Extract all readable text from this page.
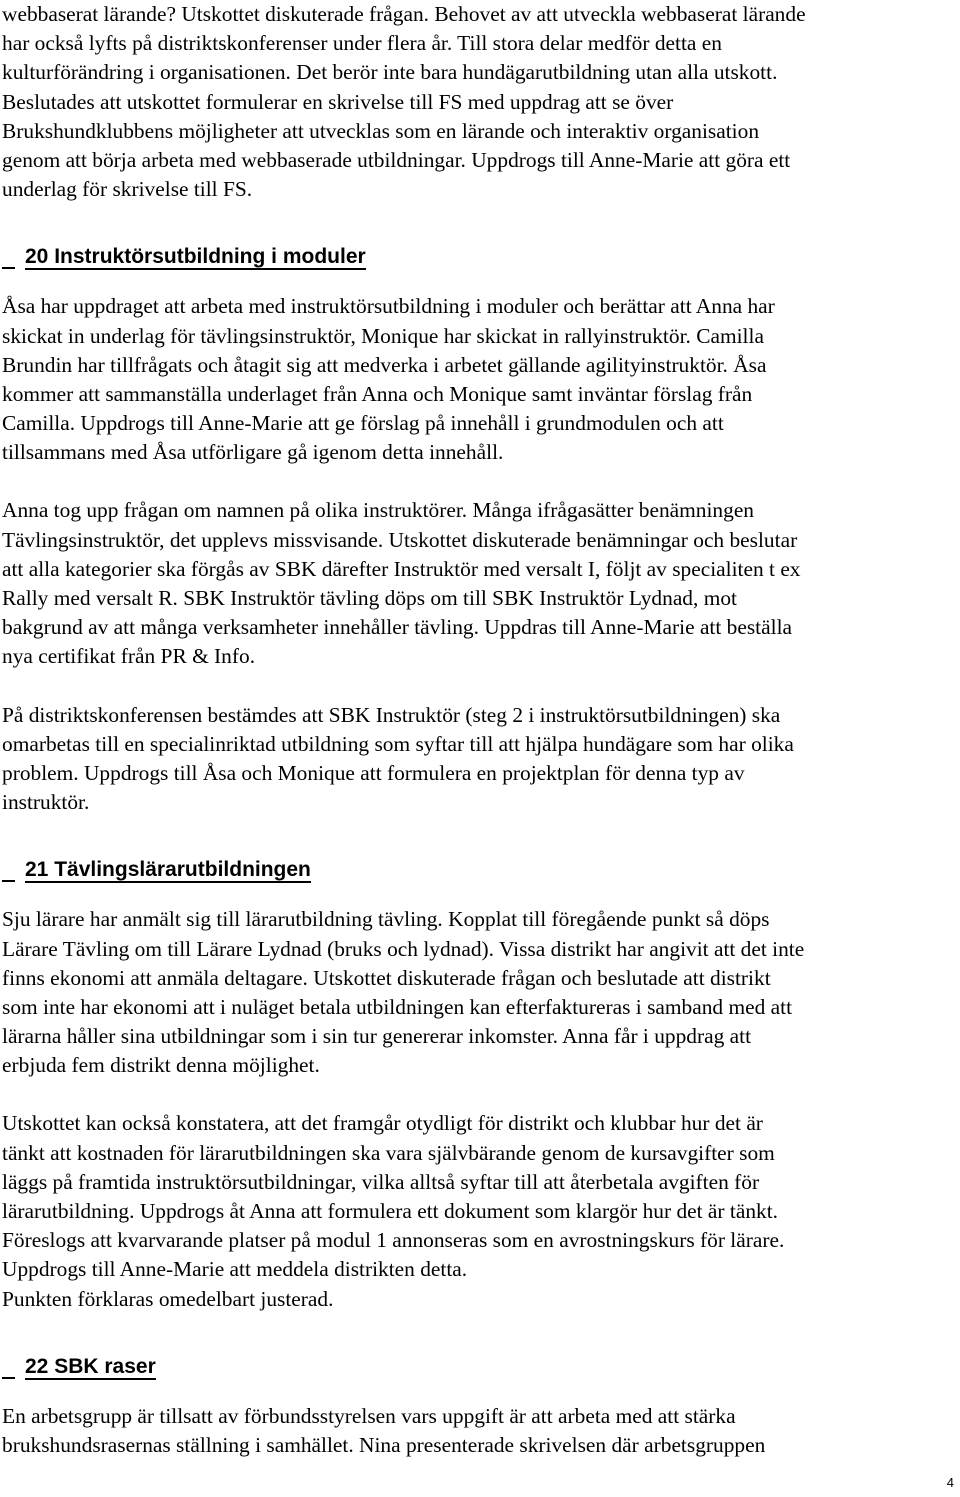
webbaserat lärande? Utskottet diskuterade frågan. Behovet av att utveckla webbaserat lärande
har också lyfts på distriktskonferenser under flera år. Till stora delar medför detta en
kulturförändring i organisationen. Det berör inte bara hundägarutbildning utan alla utskott.
Beslutades att utskottet formulerar en skrivelse till FS med uppdrag att se över
Brukshundklubbens möjligheter att utvecklas som en lärande och interaktiv organisation
genom att börja arbeta med webbaserade utbildningar. Uppdrogs till Anne-Marie att göra ett
underlag för skrivelse till FS.

20 Instruktörsutbildning i moduler

Åsa har uppdraget att arbeta med instruktörsutbildning i moduler och berättar att Anna har
skickat in underlag för tävlingsinstruktör, Monique har skickat in rallyinstruktör. Camilla
Brundin har tillfrågats och åtagit sig att medverka i arbetet gällande agilityinstruktör. Åsa
kommer att sammanställa underlaget från Anna och Monique samt inväntar förslag från
Camilla. Uppdrogs till Anne-Marie att ge förslag på innehåll i grundmodulen och att
tillsammans med Åsa utförligare gå igenom detta innehåll.

Anna tog upp frågan om namnen på olika instruktörer. Många ifrågasätter benämningen
Tävlingsinstruktör, det upplevs missvisande. Utskottet diskuterade benämningar och beslutar
att alla kategorier ska förgås av SBK därefter Instruktör med versalt I, följt av specialiten t ex
Rally med versalt R. SBK Instruktör tävling döps om till SBK Instruktör Lydnad, mot
bakgrund av att många verksamheter innehåller tävling. Uppdras till Anne-Marie att beställa
nya certifikat från PR & Info.

På distriktskonferensen bestämdes att SBK Instruktör (steg 2 i instruktörsutbildningen) ska
omarbetas till en specialinriktad utbildning som syftar till att hjälpa hundägare som har olika
problem. Uppdrogs till Åsa och Monique att formulera en projektplan för denna typ av
instruktör.

21 Tävlingslärarutbildningen

Sju lärare har anmält sig till lärarutbildning tävling. Kopplat till föregående punkt så döps
Lärare Tävling om till Lärare Lydnad (bruks och lydnad). Vissa distrikt har angivit att det inte
finns ekonomi att anmäla deltagare. Utskottet diskuterade frågan och beslutade att distrikt
som inte har ekonomi att i nuläget betala utbildningen kan efterfaktureras i samband med att
lärarna håller sina utbildningar som i sin tur genererar inkomster. Anna får i uppdrag att
erbjuda fem distrikt denna möjlighet.

Utskottet kan också konstatera, att det framgår otydligt för distrikt och klubbar hur det är
tänkt att kostnaden för lärarutbildningen ska vara självbärande genom de kursavgifter som
läggs på framtida instruktörsutbildningar, vilka alltså syftar till att återbetala avgiften för
lärarutbildning. Uppdrogs åt Anna att formulera ett dokument som klargör hur det är tänkt.
Föreslogs att kvarvarande platser på modul 1 annonseras som en avrostningskurs för lärare.
Uppdrogs till Anne-Marie att meddela distrikten detta.
Punkten förklaras omedelbart justerad.

22 SBK raser

En arbetsgrupp är tillsatt av förbundsstyrelsen vars uppgift är att arbeta med att stärka
brukshundsrasernas ställning i samhället. Nina presenterade skrivelsen där arbetsgruppen

4
